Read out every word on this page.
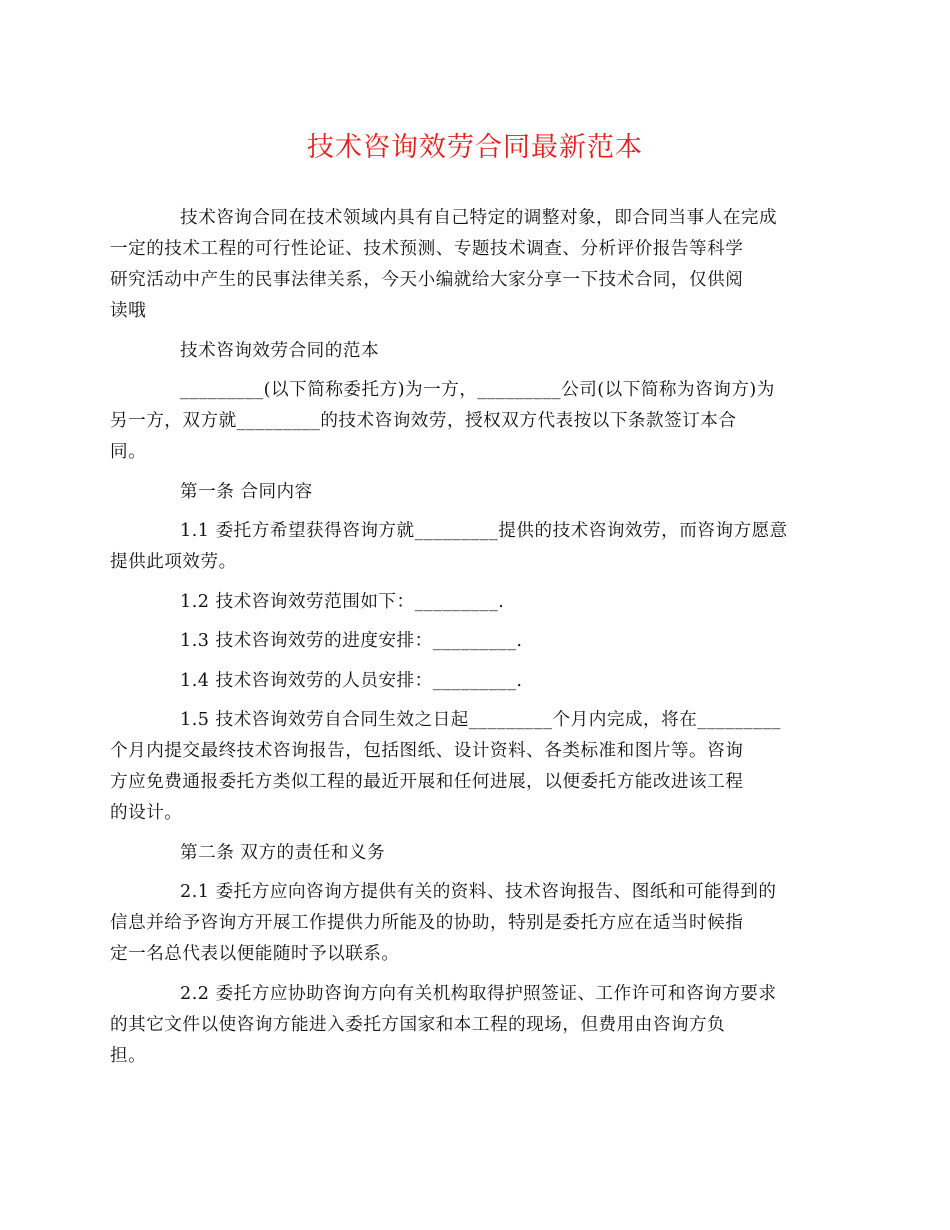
技术咨询效劳合同最新范本

技术咨询合同在技术领域内具有自己特定的调整对象，即合同当事人在完成
一定的技术工程的可行性论证、技术预测、专题技术调查、分析评价报告等科学
研究活动中产生的民事法律关系，今天小编就给大家分享一下技术合同，仅供阅
读哦

技术咨询效劳合同的范本

_________(以下简称委托方)为一方，_________公司(以下简称为咨询方)为
另一方，双方就_________的技术咨询效劳，授权双方代表按以下条款签订本合
同。

第一条 合同内容

1.1 委托方希望获得咨询方就_________提供的技术咨询效劳，而咨询方愿意
提供此项效劳。

1.2 技术咨询效劳范围如下：_________.

1.3 技术咨询效劳的进度安排：_________.

1.4 技术咨询效劳的人员安排：_________.

1.5 技术咨询效劳自合同生效之日起_________个月内完成，将在_________
个月内提交最终技术咨询报告，包括图纸、设计资料、各类标准和图片等。咨询
方应免费通报委托方类似工程的最近开展和任何进展，以便委托方能改进该工程
的设计。

第二条 双方的责任和义务

2.1 委托方应向咨询方提供有关的资料、技术咨询报告、图纸和可能得到的
信息并给予咨询方开展工作提供力所能及的协助，特别是委托方应在适当时候指
定一名总代表以便能随时予以联系。

2.2 委托方应协助咨询方向有关机构取得护照签证、工作许可和咨询方要求
的其它文件以使咨询方能进入委托方国家和本工程的现场，但费用由咨询方负
担。
